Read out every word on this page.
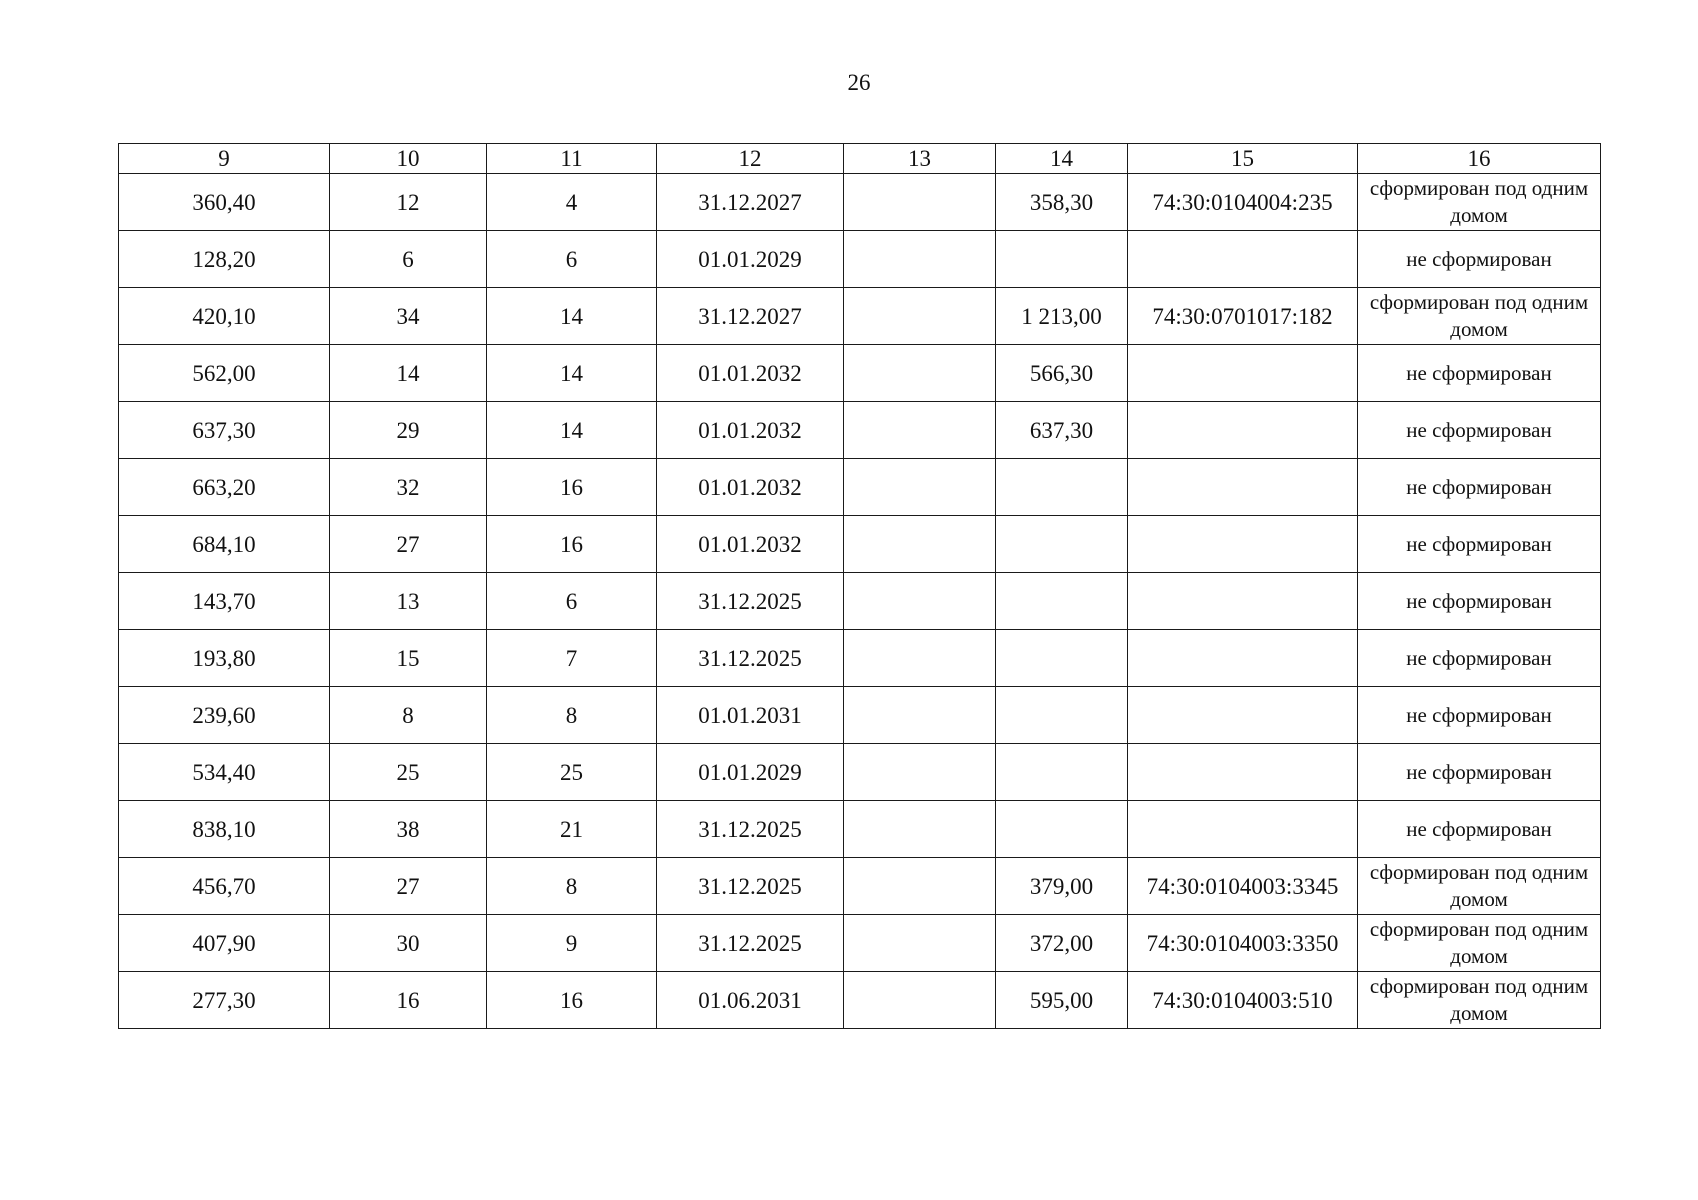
26
9	10	11	12	13	14	15	16
360,40	12	4	31.12.2027		358,30	74:30:0104004:235	сформирован под одним домом
128,20	6	6	01.01.2029				не сформирован
420,10	34	14	31.12.2027		1 213,00	74:30:0701017:182	сформирован под одним домом
562,00	14	14	01.01.2032		566,30		не сформирован
637,30	29	14	01.01.2032		637,30		не сформирован
663,20	32	16	01.01.2032				не сформирован
684,10	27	16	01.01.2032				не сформирован
143,70	13	6	31.12.2025				не сформирован
193,80	15	7	31.12.2025				не сформирован
239,60	8	8	01.01.2031				не сформирован
534,40	25	25	01.01.2029				не сформирован
838,10	38	21	31.12.2025				не сформирован
456,70	27	8	31.12.2025		379,00	74:30:0104003:3345	сформирован под одним домом
407,90	30	9	31.12.2025		372,00	74:30:0104003:3350	сформирован под одним домом
277,30	16	16	01.06.2031		595,00	74:30:0104003:510	сформирован под одним домом
